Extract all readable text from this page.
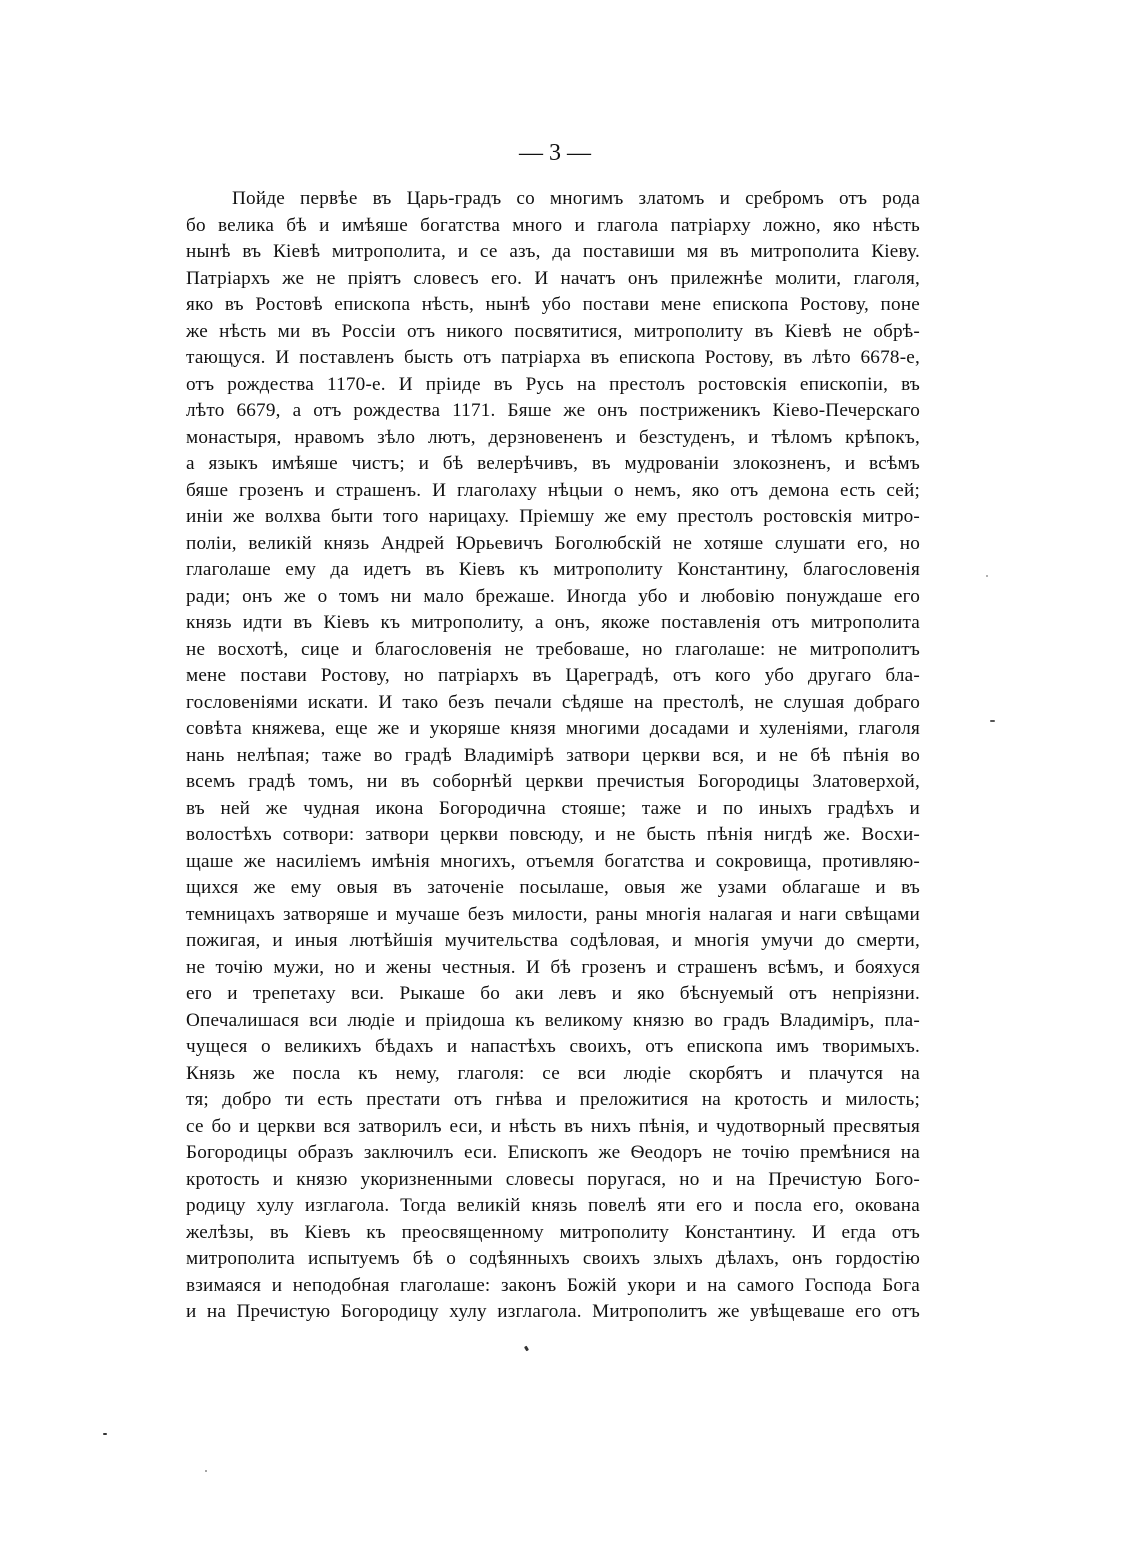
— 3 —
Пойде первѣе въ Царь-градъ со многимъ златомъ и сребромъ отъ рода
бо велика бѣ и имѣяше богатства много и глагола патріарху ложно, яко нѣсть
нынѣ въ Кіевѣ митрополита, и се азъ, да поставиши мя въ митрополита Кіеву.
Патріархъ же не пріятъ словесъ его. И начатъ онъ прилежнѣе молити, глаголя,
яко въ Ростовѣ епископа нѣсть, нынѣ убо постави мене епископа Ростову, поне
же нѣсть ми въ Россіи отъ никого посвятитися, митрополиту въ Кіевѣ не обрѣ-
тающуся. И поставленъ бысть отъ патріарха въ епископа Ростову, въ лѣто 6678-е,
отъ рождества 1170-е. И пріиде въ Русь на престолъ ростовскія епископіи, въ
лѣто 6679, а отъ рождества 1171. Бяше же онъ постриженикъ Кіево-Печерскаго
монастыря, нравомъ зѣло лютъ, дерзновененъ и безстуденъ, и тѣломъ крѣпокъ,
а языкъ имѣяше чистъ; и бѣ велерѣчивъ, въ мудрованіи злокозненъ, и всѣмъ
бяше грозенъ и страшенъ. И глаголаху нѣцыи о немъ, яко отъ демона есть сей;
иніи же волхва быти того нарицаху. Пріемшу же ему престолъ ростовскія митро-
поліи, великій князь Андрей Юрьевичъ Боголюбскій не хотяше слушати его, но
глаголаше ему да идетъ въ Кіевъ къ митрополиту Константину, благословенія
ради; онъ же о томъ ни мало брежаше. Иногда убо и любовію понуждаше его
князь идти въ Кіевъ къ митрополиту, а онъ, якоже поставленія отъ митрополита
не восхотѣ, сице и благословенія не требоваше, но глаголаше: не митрополитъ
мене постави Ростову, но патріархъ въ Цареградѣ, отъ кого убо другаго бла-
гословеніями искати. И тако безъ печали сѣдяше на престолѣ, не слушая добраго
совѣта княжева, еще же и укоряше князя многими досадами и хуленіями, глаголя
нань нелѣпая; таже во градѣ Владимірѣ затвори церкви вся, и не бѣ пѣнія во
всемъ градѣ томъ, ни въ соборнѣй церкви пречистыя Богородицы Златоверхой,
въ ней же чудная икона Богородична стояше; таже и по иныхъ градѣхъ и
волостѣхъ сотвори: затвори церкви повсюду, и не бысть пѣнія нигдѣ же. Восхи-
щаше же насиліемъ имѣнія многихъ, отъемля богатства и сокровища, противляю-
щихся же ему овыя въ заточеніе посылаше, овыя же узами облагаше и въ
темницахъ затворяше и мучаше безъ милости, раны многія налагая и наги свѣщами
пожигая, и иныя лютѣйшія мучительства содѣловая, и многія умучи до смерти,
не точію мужи, но и жены честныя. И бѣ грозенъ и страшенъ всѣмъ, и бояхуся
его и трепетаху вси. Рыкаше бо аки левъ и яко бѣснуемый отъ непріязни.
Опечалишася вси людіе и пріидоша къ великому князю во градъ Владиміръ, пла-
чущеся о великихъ бѣдахъ и напастѣхъ своихъ, отъ епископа имъ творимыхъ.
Князь же посла къ нему, глаголя: се вси людіе скорбятъ и плачутся на
тя; добро ти есть престати отъ гнѣва и преложитися на кротость и милость;
се бо и церкви вся затворилъ еси, и нѣсть въ нихъ пѣнія, и чудотворный пресвятыя
Богородицы образъ заключилъ еси. Епископъ же Ѳеодоръ не точію премѣнися на
кротость и князю укоризненными словесы поругася, но и на Пречистую Бого-
родицу хулу изглагола. Тогда великій князь повелѣ яти его и посла его, окована
желѣзы, въ Кіевъ къ преосвященному митрополиту Константину. И егда отъ
митрополита испытуемъ бѣ о содѣянныхъ своихъ злыхъ дѣлахъ, онъ гордостію
взимаяся и неподобная глаголаше: законъ Божій укори и на самого Господа Бога
и на Пречистую Богородицу хулу изглагола. Митрополитъ же увѣщеваше его отъ
